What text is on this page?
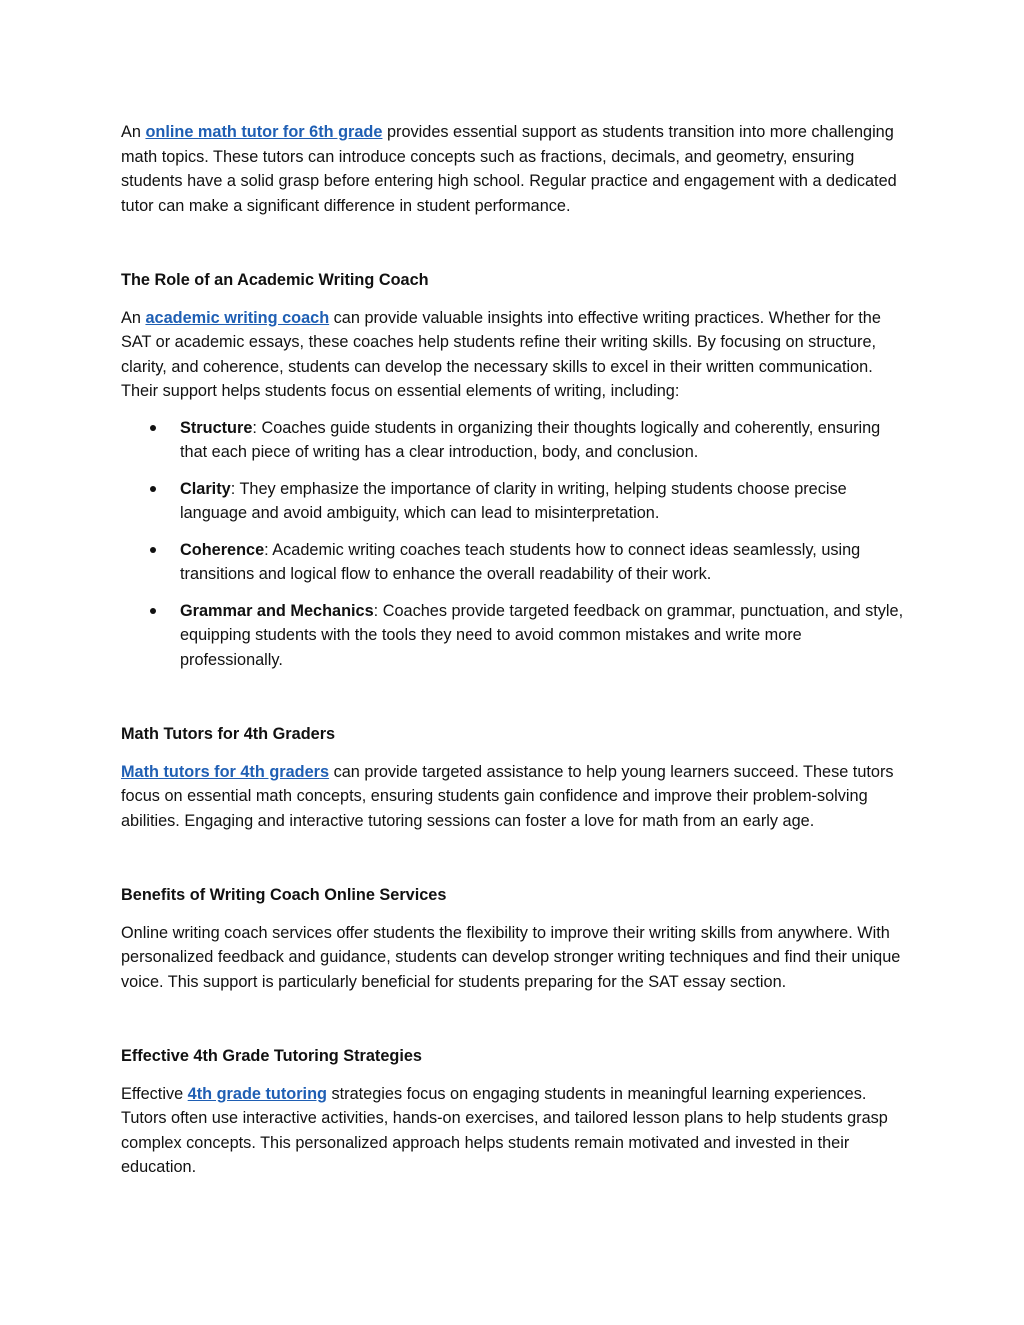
An online math tutor for 6th grade provides essential support as students transition into more challenging math topics. These tutors can introduce concepts such as fractions, decimals, and geometry, ensuring students have a solid grasp before entering high school. Regular practice and engagement with a dedicated tutor can make a significant difference in student performance.

The Role of an Academic Writing Coach

An academic writing coach can provide valuable insights into effective writing practices. Whether for the SAT or academic essays, these coaches help students refine their writing skills. By focusing on structure, clarity, and coherence, students can develop the necessary skills to excel in their written communication. Their support helps students focus on essential elements of writing, including:

Structure: Coaches guide students in organizing their thoughts logically and coherently, ensuring that each piece of writing has a clear introduction, body, and conclusion.
Clarity: They emphasize the importance of clarity in writing, helping students choose precise language and avoid ambiguity, which can lead to misinterpretation.
Coherence: Academic writing coaches teach students how to connect ideas seamlessly, using transitions and logical flow to enhance the overall readability of their work.
Grammar and Mechanics: Coaches provide targeted feedback on grammar, punctuation, and style, equipping students with the tools they need to avoid common mistakes and write more professionally.

Math Tutors for 4th Graders

Math tutors for 4th graders can provide targeted assistance to help young learners succeed. These tutors focus on essential math concepts, ensuring students gain confidence and improve their problem-solving abilities. Engaging and interactive tutoring sessions can foster a love for math from an early age.

Benefits of Writing Coach Online Services

Online writing coach services offer students the flexibility to improve their writing skills from anywhere. With personalized feedback and guidance, students can develop stronger writing techniques and find their unique voice. This support is particularly beneficial for students preparing for the SAT essay section.

Effective 4th Grade Tutoring Strategies

Effective 4th grade tutoring strategies focus on engaging students in meaningful learning experiences. Tutors often use interactive activities, hands-on exercises, and tailored lesson plans to help students grasp complex concepts. This personalized approach helps students remain motivated and invested in their education.
